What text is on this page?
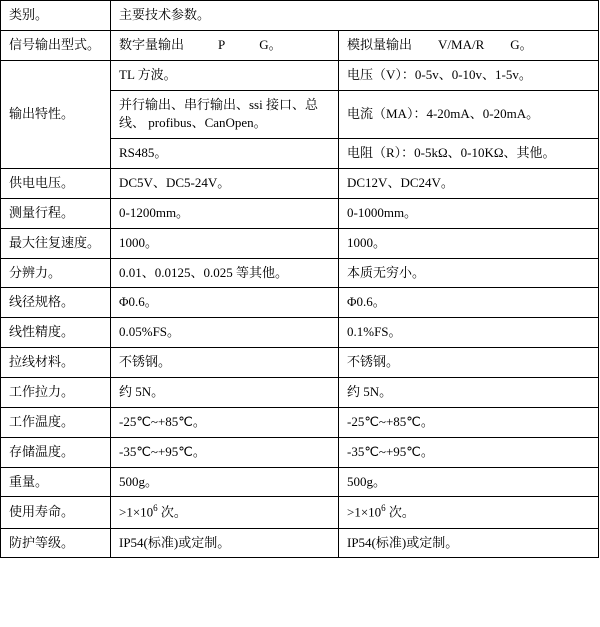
类别。	主要技术参数。	
信号输出型式。	数字量输出 P G。	模拟量输出 V/MA/R G。
输出特性。	TL 方波。	电压（V）：0-5v、0-10v、1-5v。
	并行输出、串行输出、ssi 接口、总线、 profibus、CanOpen。	电流（MA）：4-20mA、0-20mA。
	RS485。	电阻（R）：0-5kΩ、0-10KΩ、其他。
供电电压。	DC5V、DC5-24V。	DC12V、DC24V。
测量行程。	0-1200mm。	0-1000mm。
最大往复速度。	1000。	1000。
分辨力。	0.01、0.0125、0.025 等其他。	本质无穷小。
线径规格。	Φ0.6。	Φ0.6。
线性精度。	0.05%FS。	0.1%FS。
拉线材料。	不锈钢。	不锈钢。
工作拉力。	约 5N。	约 5N。
工作温度。	-25℃~+85℃。	-25℃~+85℃。
存储温度。	-35℃~+95℃。	-35℃~+95℃。
重量。	500g。	500g。
使用寿命。	$>1\times 10^6$ 次。	$>1\times 10^6$ 次。
防护等级。	IP54(标准)或定制。	IP54(标准)或定制。
